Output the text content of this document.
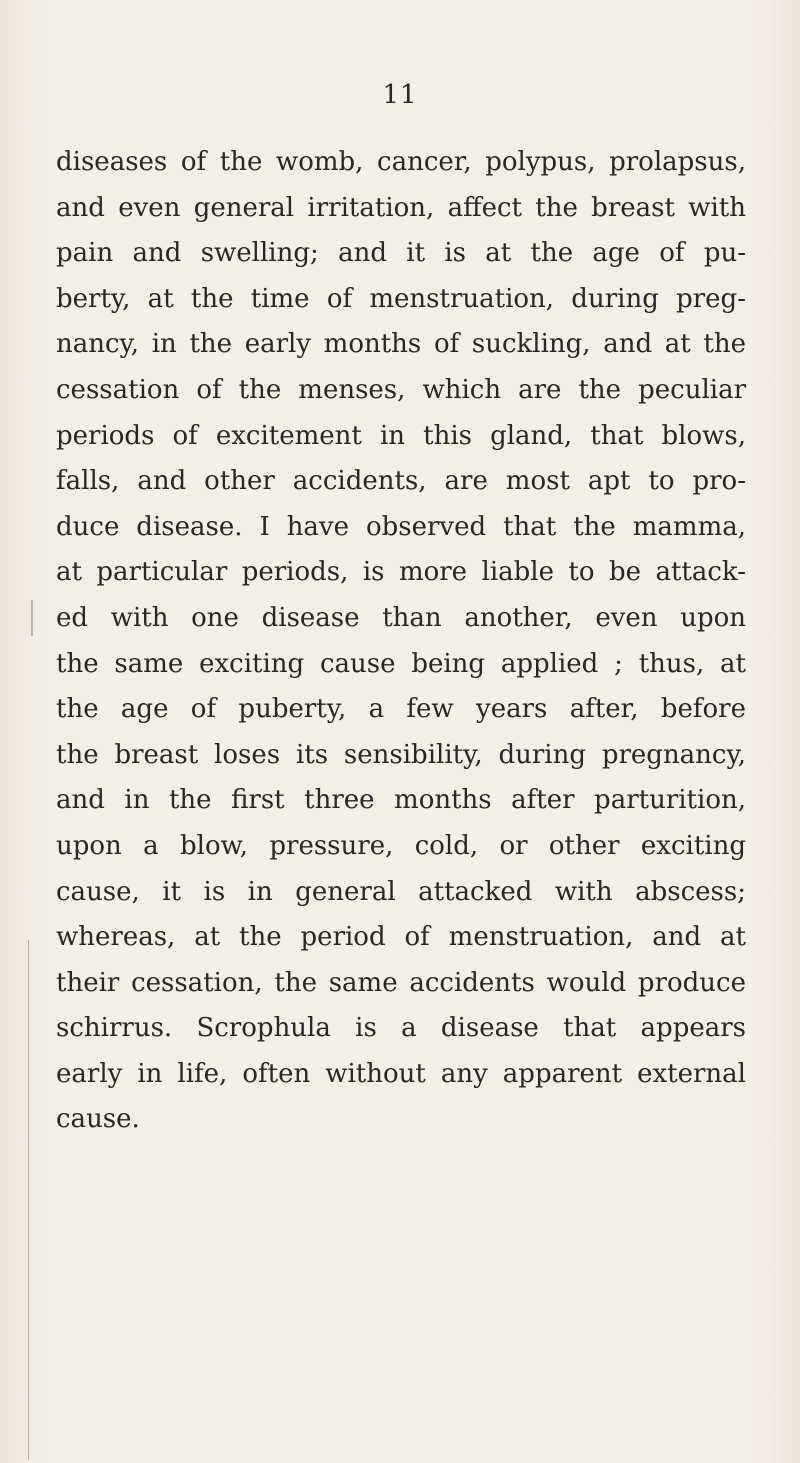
11
diseases of the womb, cancer, polypus, prolapsus,
and even general irritation, affect the breast with
pain and swelling; and it is at the age of pu-
berty, at the time of menstruation, during preg-
nancy, in the early months of suckling, and at the
cessation of the menses, which are the peculiar
periods of excitement in this gland, that blows,
falls, and other accidents, are most apt to pro-
duce disease. I have observed that the mamma,
at particular periods, is more liable to be attack-
ed with one disease than another, even upon
the same exciting cause being applied ; thus, at
the age of puberty, a few years after, before
the breast loses its sensibility, during pregnancy,
and in the first three months after parturition,
upon a blow, pressure, cold, or other exciting
cause, it is in general attacked with abscess;
whereas, at the period of menstruation, and at
their cessation, the same accidents would produce
schirrus. Scrophula is a disease that appears
early in life, often without any apparent external
cause.
